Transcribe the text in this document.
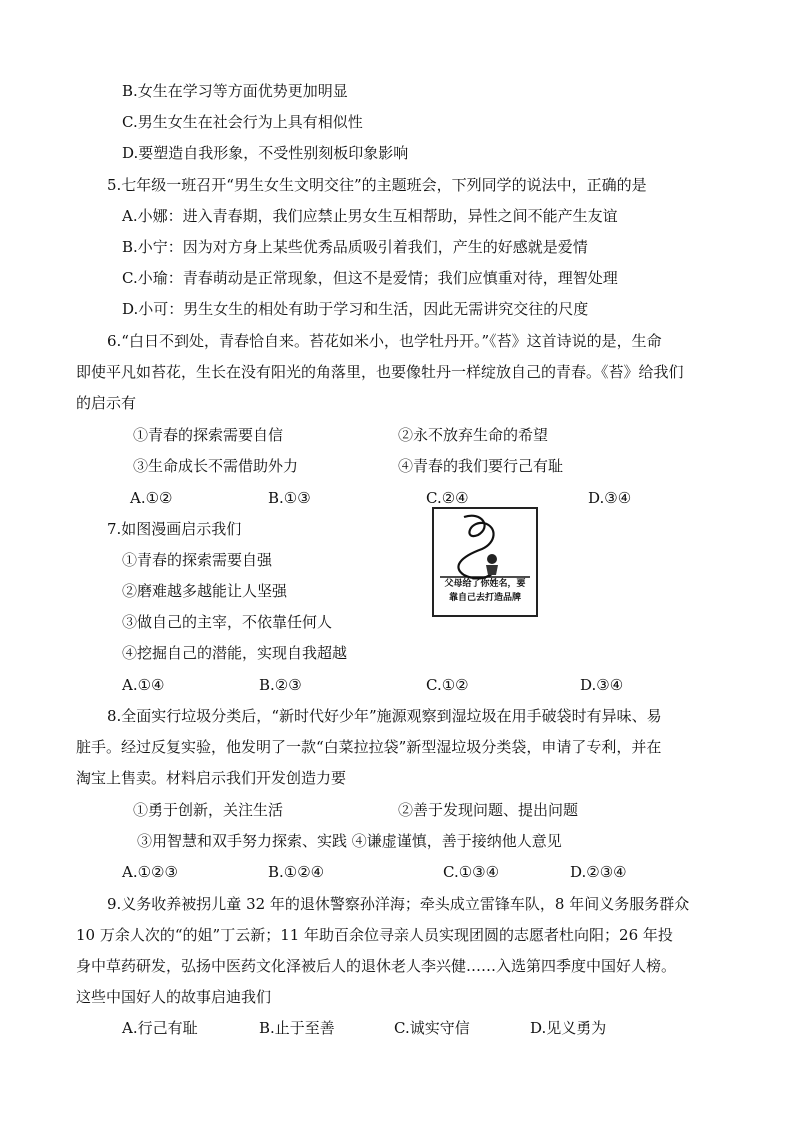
B.女生在学习等方面优势更加明显
C.男生女生在社会行为上具有相似性
D.要塑造自我形象，不受性别刻板印象影响
5.七年级一班召开“男生女生文明交往”的主题班会，下列同学的说法中，正确的是
A.小娜：进入青春期，我们应禁止男女生互相帮助，异性之间不能产生友谊
B.小宁：因为对方身上某些优秀品质吸引着我们，产生的好感就是爱情
C.小瑜：青春萌动是正常现象，但这不是爱情；我们应慎重对待，理智处理
D.小可：男生女生的相处有助于学习和生活，因此无需讲究交往的尺度
6.“白日不到处，青春恰自来。苔花如米小，也学牡丹开。”《苔》这首诗说的是，生命
即使平凡如苔花，生长在没有阳光的角落里，也要像牡丹一样绽放自己的青春。《苔》给我们
的启示有
①青春的探索需要自信	②永不放弃生命的希望
③生命成长不需借助外力	④青春的我们要行己有耻
A.①②	B.①③	C.②④	D.③④
7.如图漫画启示我们
①青春的探索需要自强
②磨难越多越能让人坚强
③做自己的主宰，不依靠任何人
④挖掘自己的潜能，实现自我超越
父母给了你姓名，要
靠自己去打造品牌
A.①④	B.②③	C.①②	D.③④
8.全面实行垃圾分类后，“新时代好少年”施源观察到湿垃圾在用手破袋时有异味、易
脏手。经过反复实验，他发明了一款“白菜拉拉袋”新型湿垃圾分类袋，申请了专利，并在
淘宝上售卖。材料启示我们开发创造力要
①勇于创新，关注生活	②善于发现问题、提出问题
③用智慧和双手努力探索、实践 ④谦虚谨慎，善于接纳他人意见
A.①②③	B.①②④	C.①③④	D.②③④
9.义务收养被拐儿童 32 年的退休警察孙洋海；牵头成立雷锋车队，8 年间义务服务群众
10 万余人次的“的姐”丁云新；11 年助百余位寻亲人员实现团圆的志愿者杜向阳；26 年投
身中草药研发，弘扬中医药文化泽被后人的退休老人李兴健……入选第四季度中国好人榜。
这些中国好人的故事启迪我们
A.行己有耻	B.止于至善	C.诚实守信	D.见义勇为
